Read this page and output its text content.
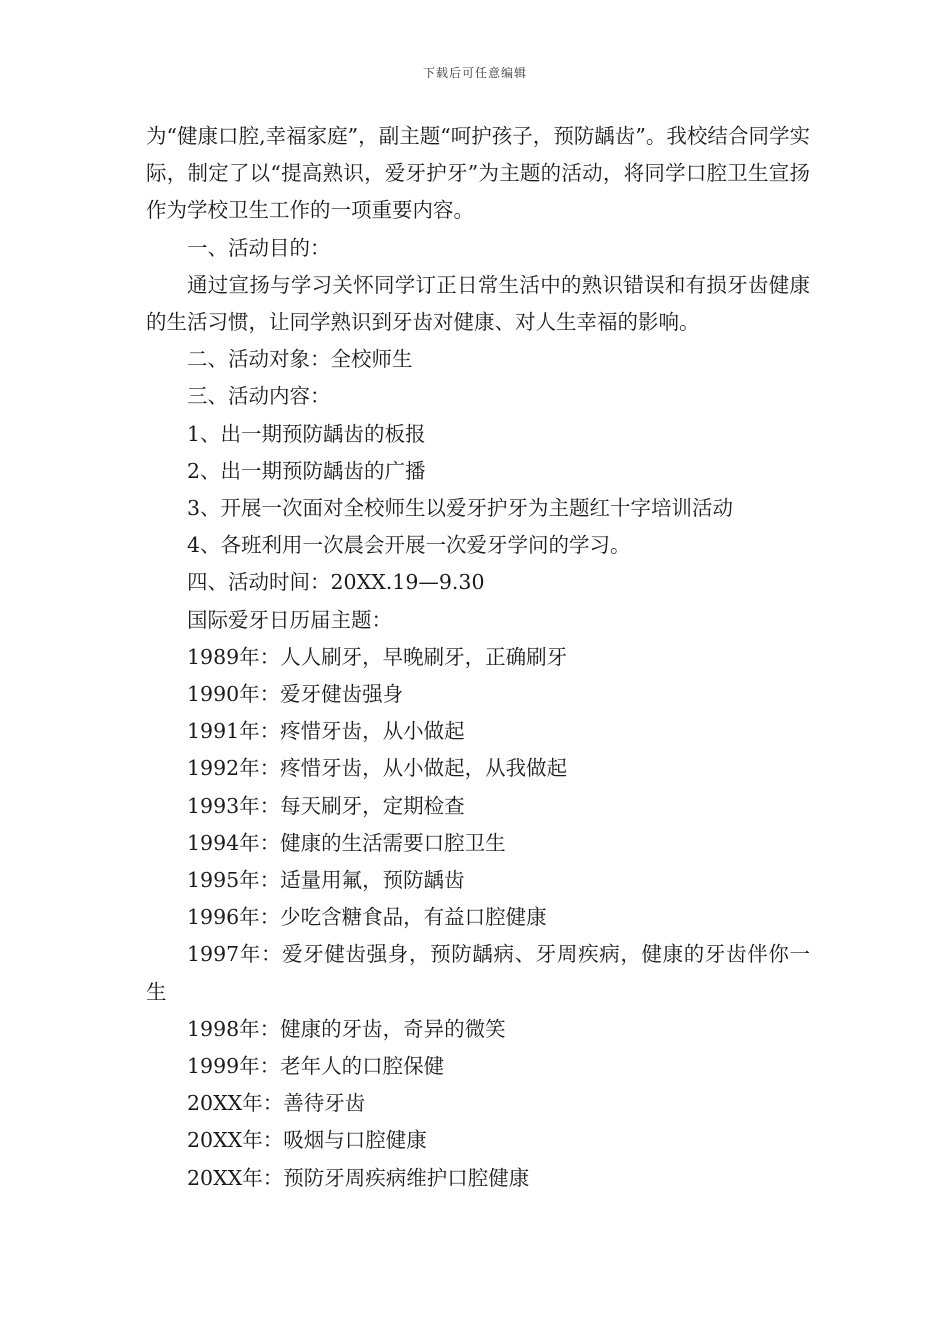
下载后可任意编辑

为“健康口腔,幸福家庭”，副主题“呵护孩子，预防龋齿”。我校结合同学实际，制定了以“提高熟识，爱牙护牙”为主题的活动，将同学口腔卫生宣扬作为学校卫生工作的一项重要内容。

一、活动目的：

通过宣扬与学习关怀同学订正日常生活中的熟识错误和有损牙齿健康的生活习惯，让同学熟识到牙齿对健康、对人生幸福的影响。

二、活动对象：全校师生

三、活动内容：

1、出一期预防龋齿的板报

2、出一期预防龋齿的广播

3、开展一次面对全校师生以爱牙护牙为主题红十字培训活动

4、各班利用一次晨会开展一次爱牙学问的学习。

四、活动时间：20XX.19—9.30

国际爱牙日历届主题：

1989年：人人刷牙，早晚刷牙，正确刷牙

1990年：爱牙健齿强身

1991年：疼惜牙齿，从小做起

1992年：疼惜牙齿，从小做起，从我做起

1993年：每天刷牙，定期检查

1994年：健康的生活需要口腔卫生

1995年：适量用氟，预防龋齿

1996年：少吃含糖食品，有益口腔健康

1997年：爱牙健齿强身，预防龋病、牙周疾病，健康的牙齿伴你一生

1998年：健康的牙齿，奇异的微笑

1999年：老年人的口腔保健

20XX年：善待牙齿

20XX年：吸烟与口腔健康

20XX年：预防牙周疾病维护口腔健康
